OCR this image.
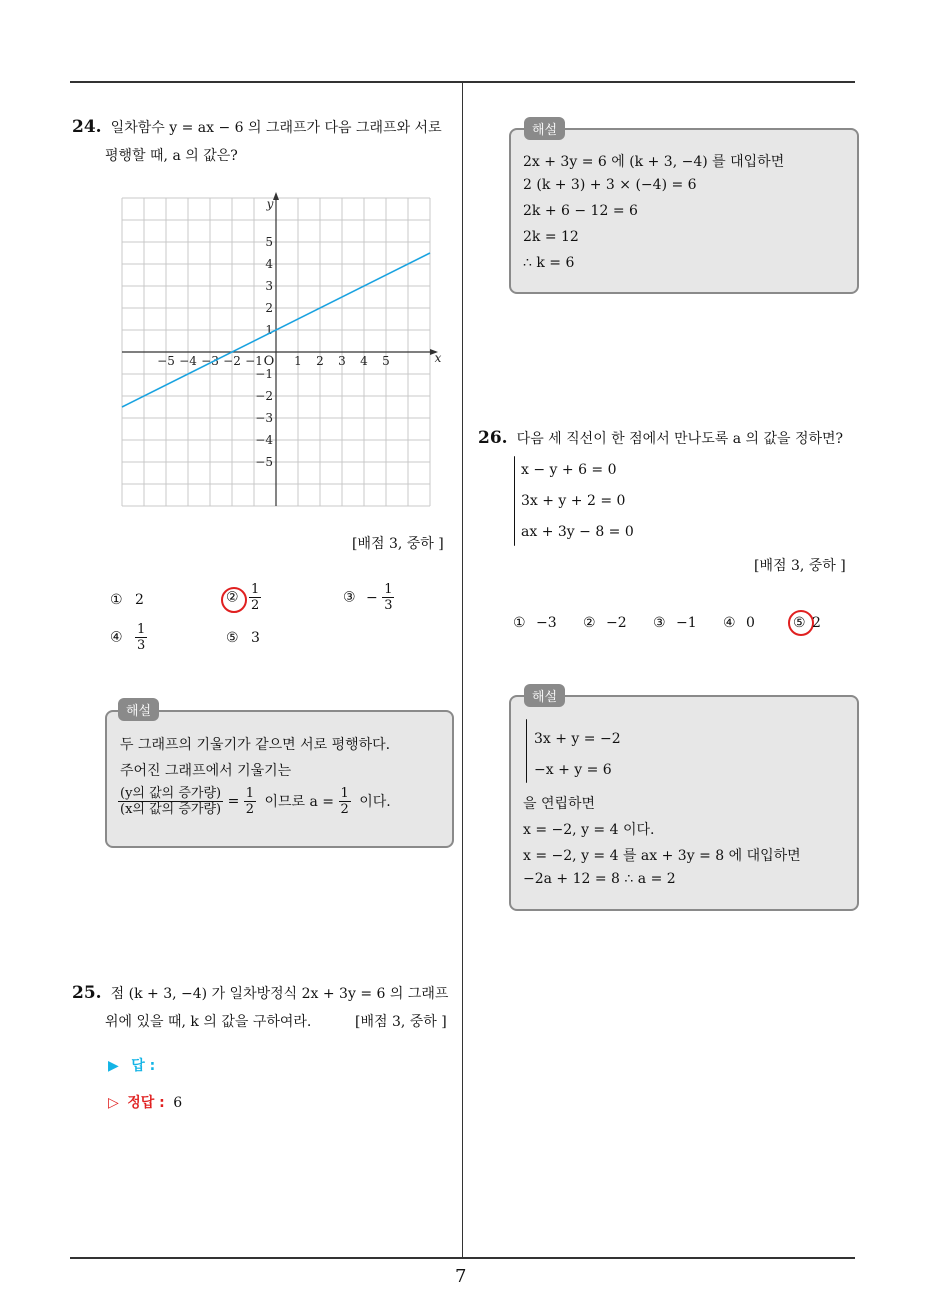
7
24. 일차함수 y = ax − 6 의 그래프가 다음 그래프와 서로
평행할 때, a 의 값은?
x
y
O
−5 −4 −3 −2 −1	1 2 3 4 5
5
4
3
2
1
−1
−2
−3
−4
−5
[배점 3, 중하 ]
① 2	② $\frac{1}{2}$	③ − $\frac{1}{3}$
④ $\frac{1}{3}$	⑤ 3
두 그래프의 기울기가 같으면 서로 평행하다.
주어진 그래프에서 기울기는
$\frac{\text{(y의 값의 증가량)}}{\text{(x의 값의 증가량)}} = \frac{1}{2}$ 이므로 $a = \frac{1}{2}$ 이다.
해설
25. 점 (k + 3, −4) 가 일차방정식 2x + 3y = 6 의 그래프
위에 있을 때, k 의 값을 구하여라.	[배점 3, 중하 ]
▶ 답 :
▷ 정답 : 6
2x + 3y = 6 에 (k + 3, −4) 를 대입하면
2 (k + 3) + 3 × (−4) = 6
2k + 6 − 12 = 6
2k = 12
∴ k = 6
해설
26. 다음 세 직선이 한 점에서 만나도록 a 의 값을 정하면?
x − y + 6 = 0
3x + y + 2 = 0
ax + 3y − 8 = 0
[배점 3, 중하 ]
① −3 ② −2 ③ −1 ④ 0	⑤ 2
3x + y = −2
−x + y = 6
을 연립하면
x = −2, y = 4 이다.
x = −2, y = 4 를 ax + 3y = 8 에 대입하면
−2a + 12 = 8 ∴ a = 2
해설
